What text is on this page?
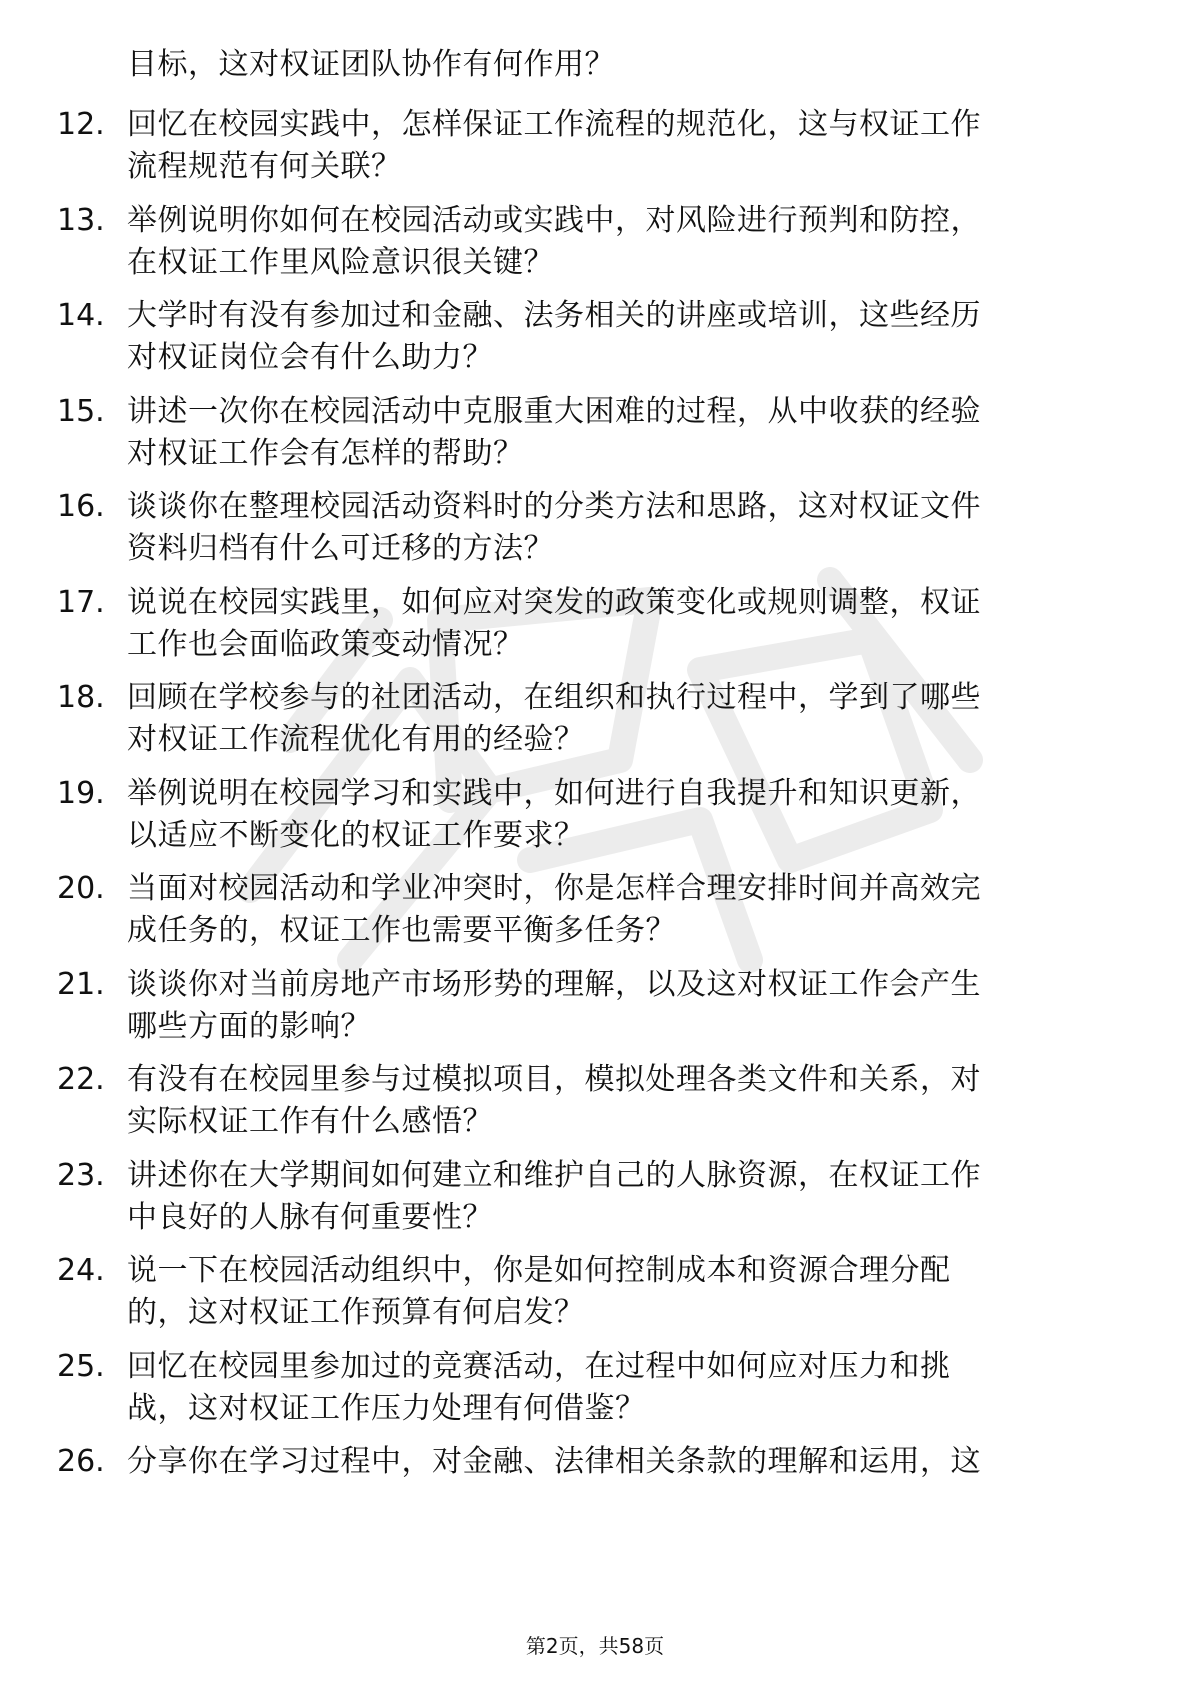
目标，这对权证团队协作有何作用？
12. 回忆在校园实践中，怎样保证工作流程的规范化，这与权证工作
流程规范有何关联？
13. 举例说明你如何在校园活动或实践中，对风险进行预判和防控，
在权证工作里风险意识很关键？
14. 大学时有没有参加过和金融、法务相关的讲座或培训，这些经历
对权证岗位会有什么助力？
15. 讲述一次你在校园活动中克服重大困难的过程，从中收获的经验
对权证工作会有怎样的帮助？
16. 谈谈你在整理校园活动资料时的分类方法和思路，这对权证文件
资料归档有什么可迁移的方法？
17. 说说在校园实践里，如何应对突发的政策变化或规则调整，权证
工作也会面临政策变动情况？
18. 回顾在学校参与的社团活动，在组织和执行过程中，学到了哪些
对权证工作流程优化有用的经验？
19. 举例说明在校园学习和实践中，如何进行自我提升和知识更新，
以适应不断变化的权证工作要求？
20. 当面对校园活动和学业冲突时，你是怎样合理安排时间并高效完
成任务的，权证工作也需要平衡多任务？
21. 谈谈你对当前房地产市场形势的理解，以及这对权证工作会产生
哪些方面的影响？
22. 有没有在校园里参与过模拟项目，模拟处理各类文件和关系，对
实际权证工作有什么感悟？
23. 讲述你在大学期间如何建立和维护自己的人脉资源，在权证工作
中良好的人脉有何重要性？
24. 说一下在校园活动组织中，你是如何控制成本和资源合理分配
的，这对权证工作预算有何启发？
25. 回忆在校园里参加过的竞赛活动，在过程中如何应对压力和挑
战，这对权证工作压力处理有何借鉴？
26. 分享你在学习过程中，对金融、法律相关条款的理解和运用，这
第2页，共58页
